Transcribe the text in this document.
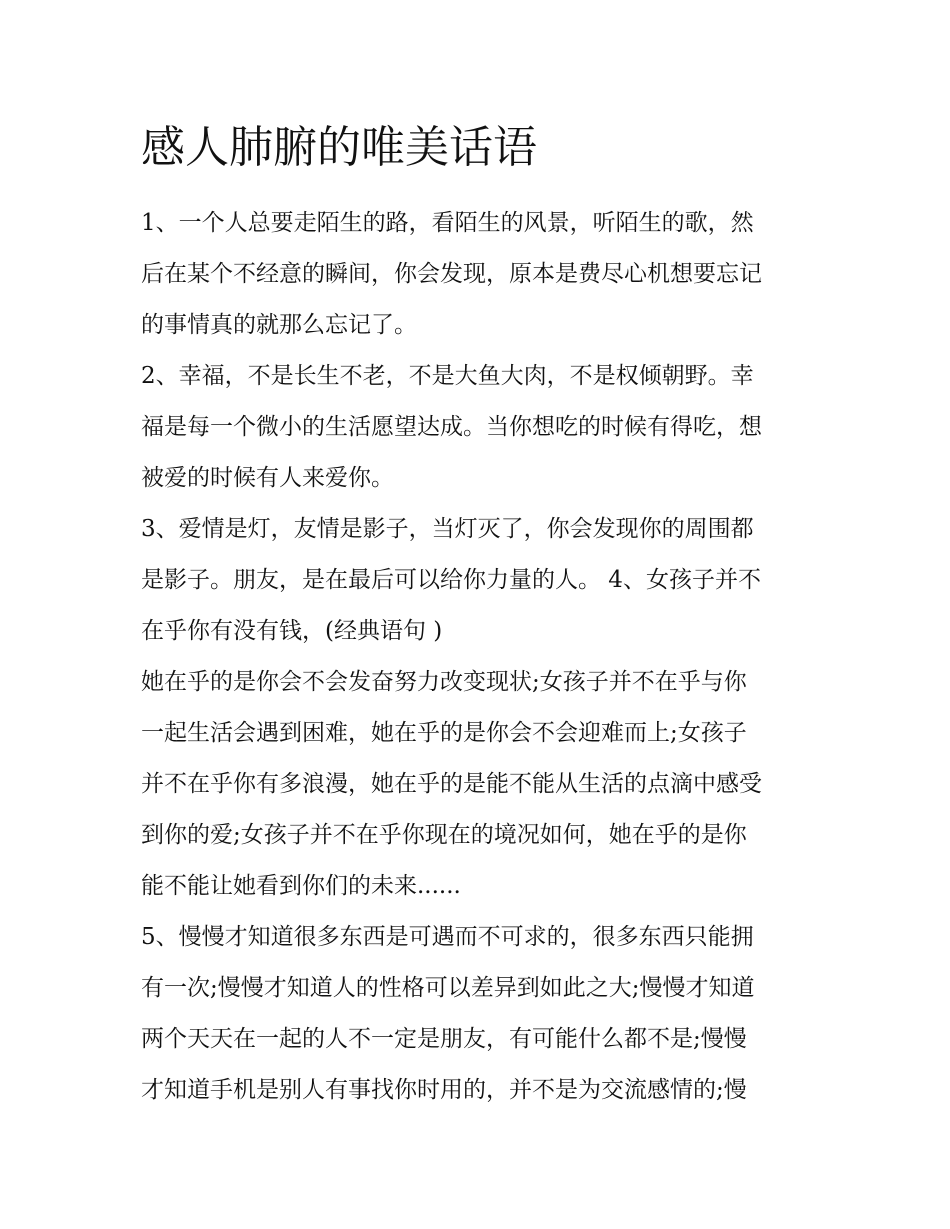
感人肺腑的唯美话语
1、一个人总要走陌生的路，看陌生的风景，听陌生的歌，然
后在某个不经意的瞬间，你会发现，原本是费尽心机想要忘记
的事情真的就那么忘记了。
2、幸福，不是长生不老，不是大鱼大肉，不是权倾朝野。幸
福是每一个微小的生活愿望达成。当你想吃的时候有得吃，想
被爱的时候有人来爱你。
3、爱情是灯，友情是影子，当灯灭了，你会发现你的周围都
是影子。朋友，是在最后可以给你力量的人。 4、女孩子并不
在乎你有没有钱，(经典语句 )
她在乎的是你会不会发奋努力改变现状;女孩子并不在乎与你
一起生活会遇到困难，她在乎的是你会不会迎难而上;女孩子
并不在乎你有多浪漫，她在乎的是能不能从生活的点滴中感受
到你的爱;女孩子并不在乎你现在的境况如何，她在乎的是你
能不能让她看到你们的未来......
5、慢慢才知道很多东西是可遇而不可求的，很多东西只能拥
有一次;慢慢才知道人的性格可以差异到如此之大;慢慢才知道
两个天天在一起的人不一定是朋友，有可能什么都不是;慢慢
才知道手机是别人有事找你时用的，并不是为交流感情的;慢
